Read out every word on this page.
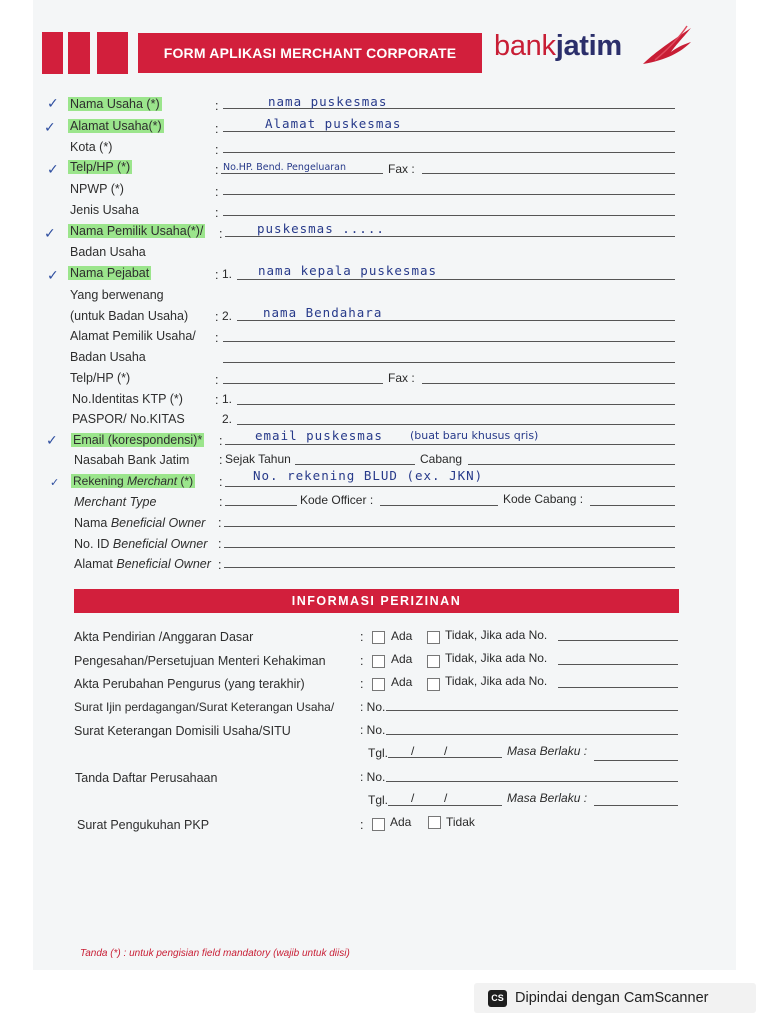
FORM APLIKASI MERCHANT CORPORATE	bankjatim
✓ Nama Usaha (*)	:	nama puskesmas
✓ Alamat Usaha(*)	:	Alamat puskesmas
Kota (*)	:
✓ Telp/HP (*)	: No.HP. Bend. Pengeluaran	Fax :
NPWP (*)	:
Jenis Usaha	:
✓ Nama Pemilik Usaha(*)/ :	puskesmas .....
Badan Usaha
✓ Nama Pejabat	: 1. nama kepala puskesmas
Yang berwenang
(untuk Badan Usaha) : 2. nama Bendahara
Alamat Pemilik Usaha/ :
Badan Usaha
Telp/HP (*)	:	Fax :
No.Identitas KTP (*)	: 1.
PASPOR/ No.KITAS	2.
✓ Email (korespondensi)* :	email puskesmas (buat baru khusus qris)
Nasabah Bank Jatim : Sejak Tahun	Cabang
✓ Rekening Merchant (*) : No. rekening BLUD (ex. JKN)
Merchant Type	:	Kode Officer :	Kode Cabang :
Nama Beneficial Owner :
No. ID Beneficial Owner :
Alamat Beneficial Owner :
INFORMASI PERIZINAN
Akta Pendirian /Anggaran Dasar	: Ada	Tidak, Jika ada No.
Pengesahan/Persetujuan Menteri Kehakiman	: Ada	Tidak, Jika ada No.
Akta Perubahan Pengurus (yang terakhir)	: Ada	Tidak, Jika ada No.
Surat Ijin perdagangan/Surat Keterangan Usaha/ : No.
Surat Keterangan Domisili Usaha/SITU	: No.
Tgl. / /	Masa Berlaku :
Tanda Daftar Perusahaan	: No.
Tgl. / /	Masa Berlaku :
Surat Pengukuhan PKP	: Ada	Tidak
Tanda (*) : untuk pengisian field mandatory (wajib untuk diisi)
CS Dipindai dengan CamScanner
